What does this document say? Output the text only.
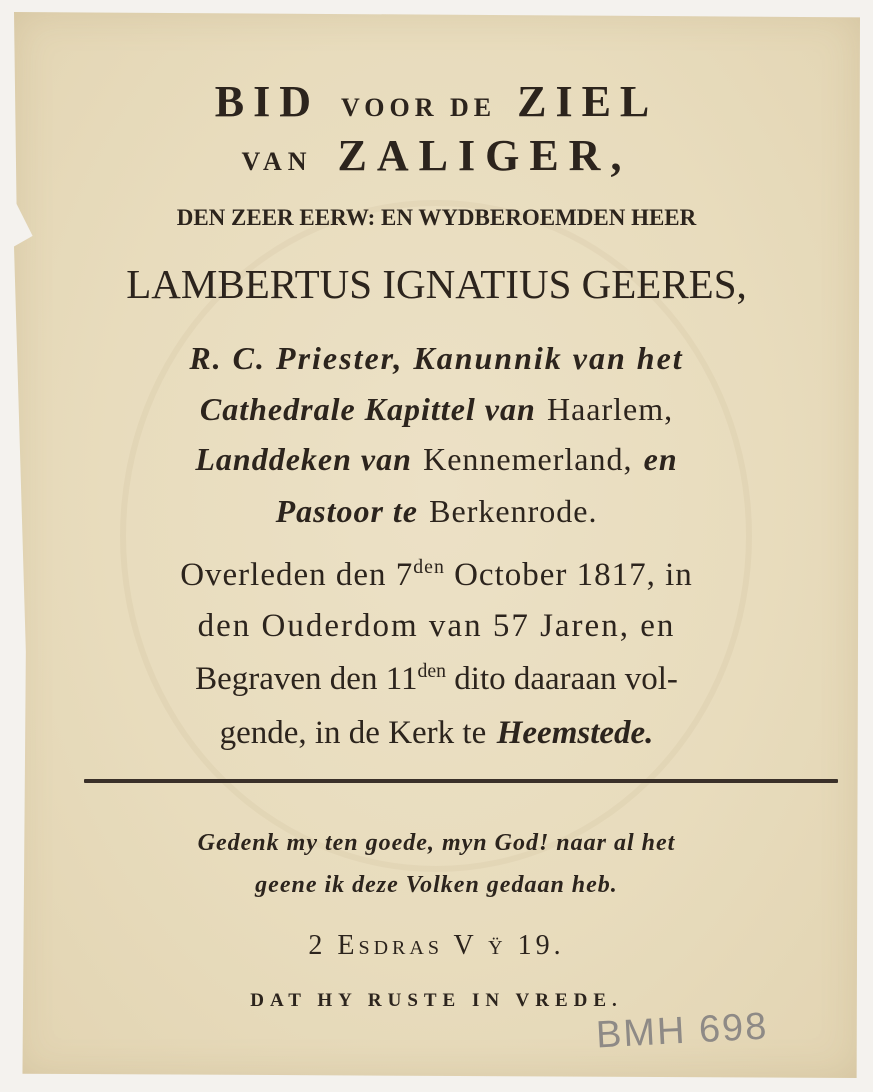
BID VOOR DE ZIEL
VAN ZALIGER,
DEN ZEER EERW: EN WYDBEROEMDEN HEER
LAMBERTUS IGNATIUS GEERES,
R. C. Priester, Kanunnik van het
Cathedrale Kapittel van Haarlem,
Landdeken van Kennemerland, en
Pastoor te Berkenrode.
Overleden den $7^{den}$ October 1817, in
den Ouderdom van 57 Jaren, en
Begraven den $11^{den}$ dito daaraan vol-
gende, in de Kerk te Heemstede.
Gedenk my ten goede, myn God! naar al het
geene ik deze Volken gedaan heb.
2 Esdras V ÿ 19.
DAT HY RUSTE IN VREDE.
BMH 698
